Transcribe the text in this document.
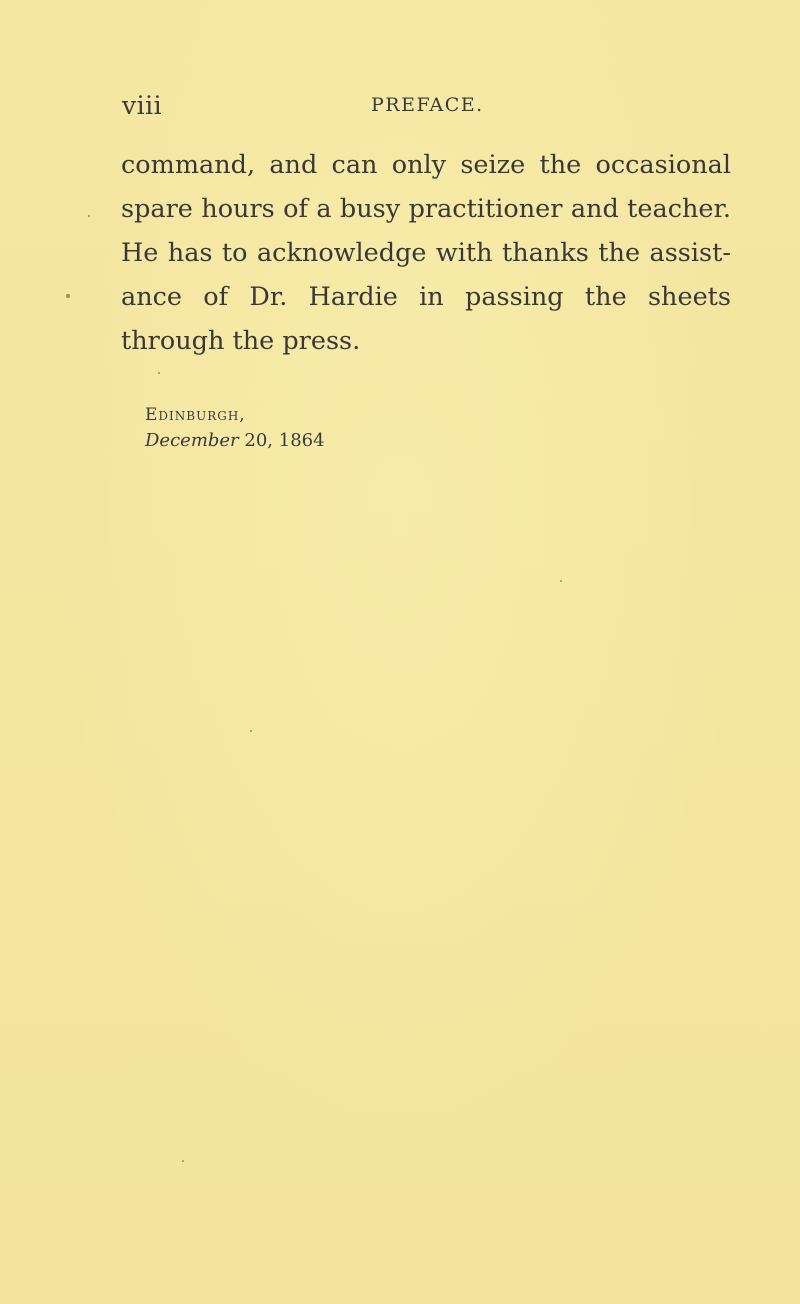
viii	PREFACE.
command, and can only seize the occasional
spare hours of a busy practitioner and teacher.
He has to acknowledge with thanks the assist-
ance of Dr. Hardie in passing the sheets
through the press.
Edinburgh,
December 20, 1864
